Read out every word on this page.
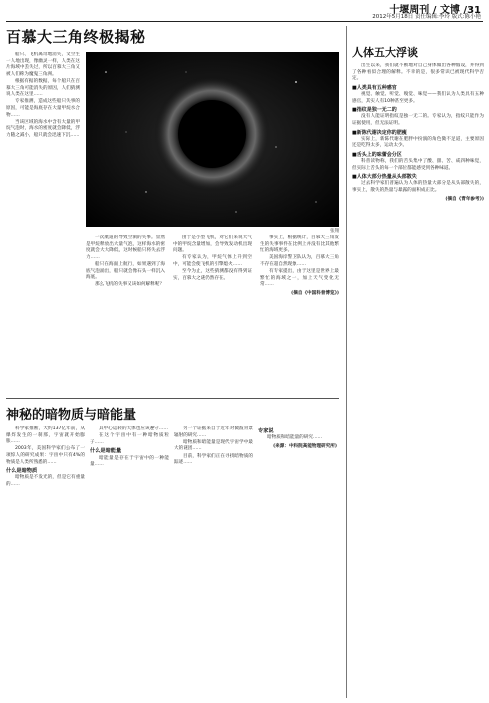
十堰周刊 / 文博 /31
2012年5月18日 责任编辑:李玲 版式:陈小艳
百慕大三角终极揭秘

船只、飞机离奇地消失，文空生一人地出现，像幽灵一样，人类在这片海域中丢失过，所以百慕大三角又被人们称为魔鬼三角洲。

根据有据的数据，每个船只在百慕大三角可能消失的原因，人们猜测说人类在这里……

专家推测，造成这些船只失事的原因，可能是海底存在大量甲烷水合物……

当该区域的海水中含有大量的甲烷气泡时，海水的密度就会降低，浮力随之减小，船只就会迅速下沉……

张翔

一次航道的导致空洞的失事。显然是甲烷释放出大量气泡，这样海水的密度就会大大降低，这时候船只将失去浮力……

船只在海面上航行，如果遇到了海底气泡涌出，船只就会像石头一样沉入海底。

那么飞机的失事又该如何解释呢？

由于是小型飞机，对它们来说大气中的甲烷含量增加，会导致发动机出现问题。

有专家认为，甲烷气体上升到空中，可能会使飞机的引擎熄火……

至今为止，这些猜测都没有得到证实，百慕大之谜仍然存在。

事实上，根据统计，百慕大三角发生的失事事件在比例上并没有比其他繁忙的海域更多。

美国海岸警卫队认为，百慕大三角不存在超自然现象……

有专家提出，由于这里是世界上最繁忙的海域之一，加上天气变化无常……

(摘自《中国科普博览》)

神秘的暗物质与暗能量

科学家推断，大约137亿年前，从爆炸发生的一刹那，宇宙就开始膨胀……

2003年，美国科学家们公布了一项惊人的研究成果：宇宙中只有4%的物质是人类所熟悉的……

什么是暗物质

暗物质是不发光的，但是它有重量的……

其中心运转的天体也应该遵守……

在这个宇宙中有一种暗物质粒子……

什么是暗能量

暗能量是存在于宇宙中的一种能量……

另一个证据来自于近年对微波背景辐射的研究……

暗物质和暗能量是现代宇宙学中最大的谜团……

目前，科学家们正在寻找暗物质的踪迹……

专家说

暗物质和暗能量的研究……

(来源：中科院高能物理研究所)

人体五大浮谈

出生以来，我们就不断地对自己身体做出各种假设，并得到了各种看似合理的解释。不幸的是，很多常识已被现代科学否定。

■人类具有五种感官

视觉、触觉、听觉、嗅觉、味觉——我们认为人类具有五种感官，其实人有10种甚至更多。

■指纹是独一无二的

没有人能证明指纹是独一无二的。专家认为，指纹只能作为证据使用，但无法证明。

■新陈代谢决定你的肥瘦

实际上，新陈代谢在肥胖中扮演的角色微不足道，主要原因还是吃得太多，运动太少。

■舌头上的味蕾会分区

科普读物称，我们的舌头集中了酸、甜、苦、咸四种味觉，但实际上舌头的每一个部位都能感受到各种味道。

■人体大部分热量从头部散失

过去科学家们普遍认为人体的热量大部分是从头部散失的，事实上，散失的热量与暴露的面积成正比。

(摘自《青年参考》)
